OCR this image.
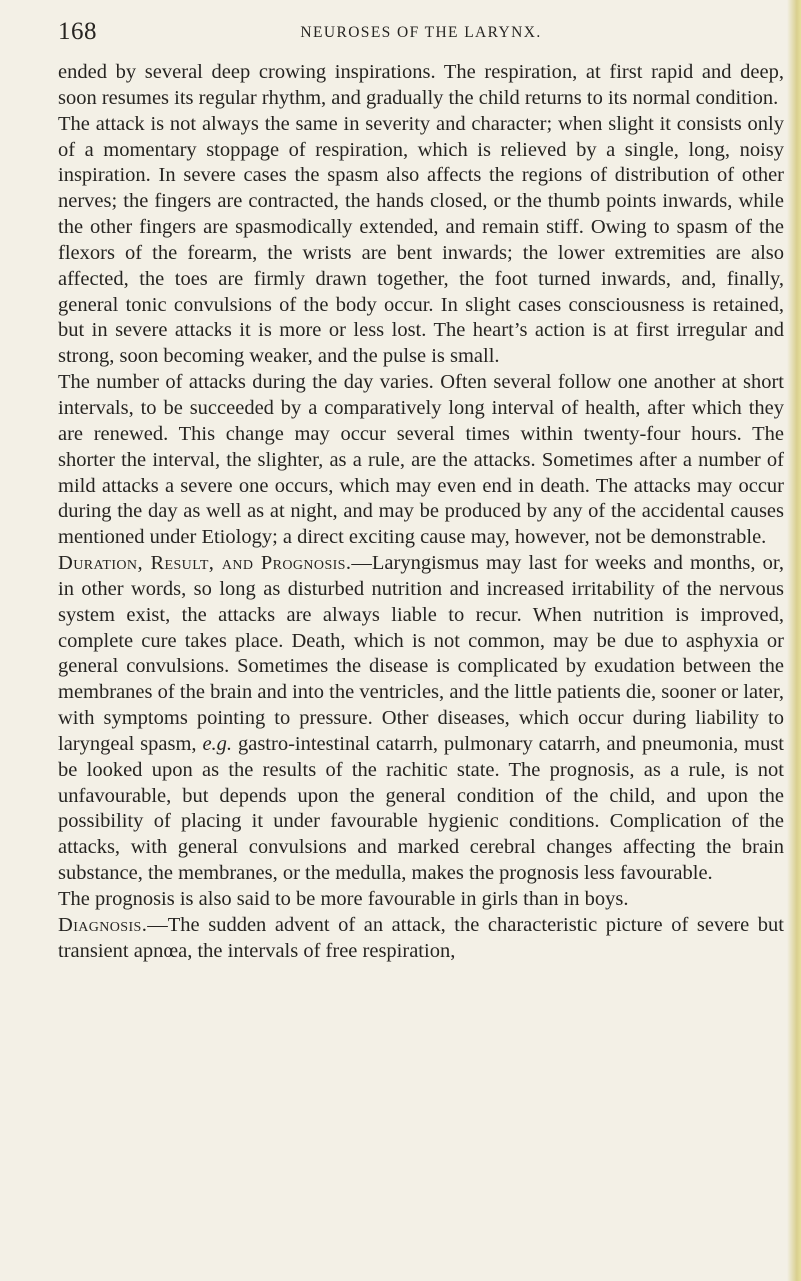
168	NEUROSES OF THE LARYNX.

ended by several deep crowing inspirations. The respiration, at first rapid and deep, soon resumes its regular rhythm, and gradually the child returns to its normal condition.

The attack is not always the same in severity and character; when slight it consists only of a momentary stoppage of respiration, which is relieved by a single, long, noisy inspiration. In severe cases the spasm also affects the regions of distribution of other nerves; the fingers are contracted, the hands closed, or the thumb points inwards, while the other fingers are spasmodically extended, and remain stiff. Owing to spasm of the flexors of the forearm, the wrists are bent inwards; the lower extremities are also affected, the toes are firmly drawn together, the foot turned inwards, and, finally, general tonic convulsions of the body occur. In slight cases consciousness is retained, but in severe attacks it is more or less lost. The heart’s action is at first irregular and strong, soon becoming weaker, and the pulse is small.

The number of attacks during the day varies. Often several follow one another at short intervals, to be succeeded by a comparatively long interval of health, after which they are renewed. This change may occur several times within twenty-four hours. The shorter the interval, the slighter, as a rule, are the attacks. Sometimes after a number of mild attacks a severe one occurs, which may even end in death. The attacks may occur during the day as well as at night, and may be produced by any of the accidental causes mentioned under Etiology; a direct exciting cause may, however, not be demonstrable.

Duration, Result, and Prognosis.—Laryngismus may last for weeks and months, or, in other words, so long as disturbed nutrition and increased irritability of the nervous system exist, the attacks are always liable to recur. When nutrition is improved, complete cure takes place. Death, which is not common, may be due to asphyxia or general convulsions. Sometimes the disease is complicated by exudation between the membranes of the brain and into the ventricles, and the little patients die, sooner or later, with symptoms pointing to pressure. Other diseases, which occur during liability to laryngeal spasm, e.g. gastro-intestinal catarrh, pulmonary catarrh, and pneumonia, must be looked upon as the results of the rachitic state. The prognosis, as a rule, is not unfavourable, but depends upon the general condition of the child, and upon the possibility of placing it under favourable hygienic conditions. Complication of the attacks, with general convulsions and marked cerebral changes affecting the brain substance, the membranes, or the medulla, makes the prognosis less favourable.

The prognosis is also said to be more favourable in girls than in boys.

Diagnosis.—The sudden advent of an attack, the characteristic picture of severe but transient apnœa, the intervals of free respiration,
